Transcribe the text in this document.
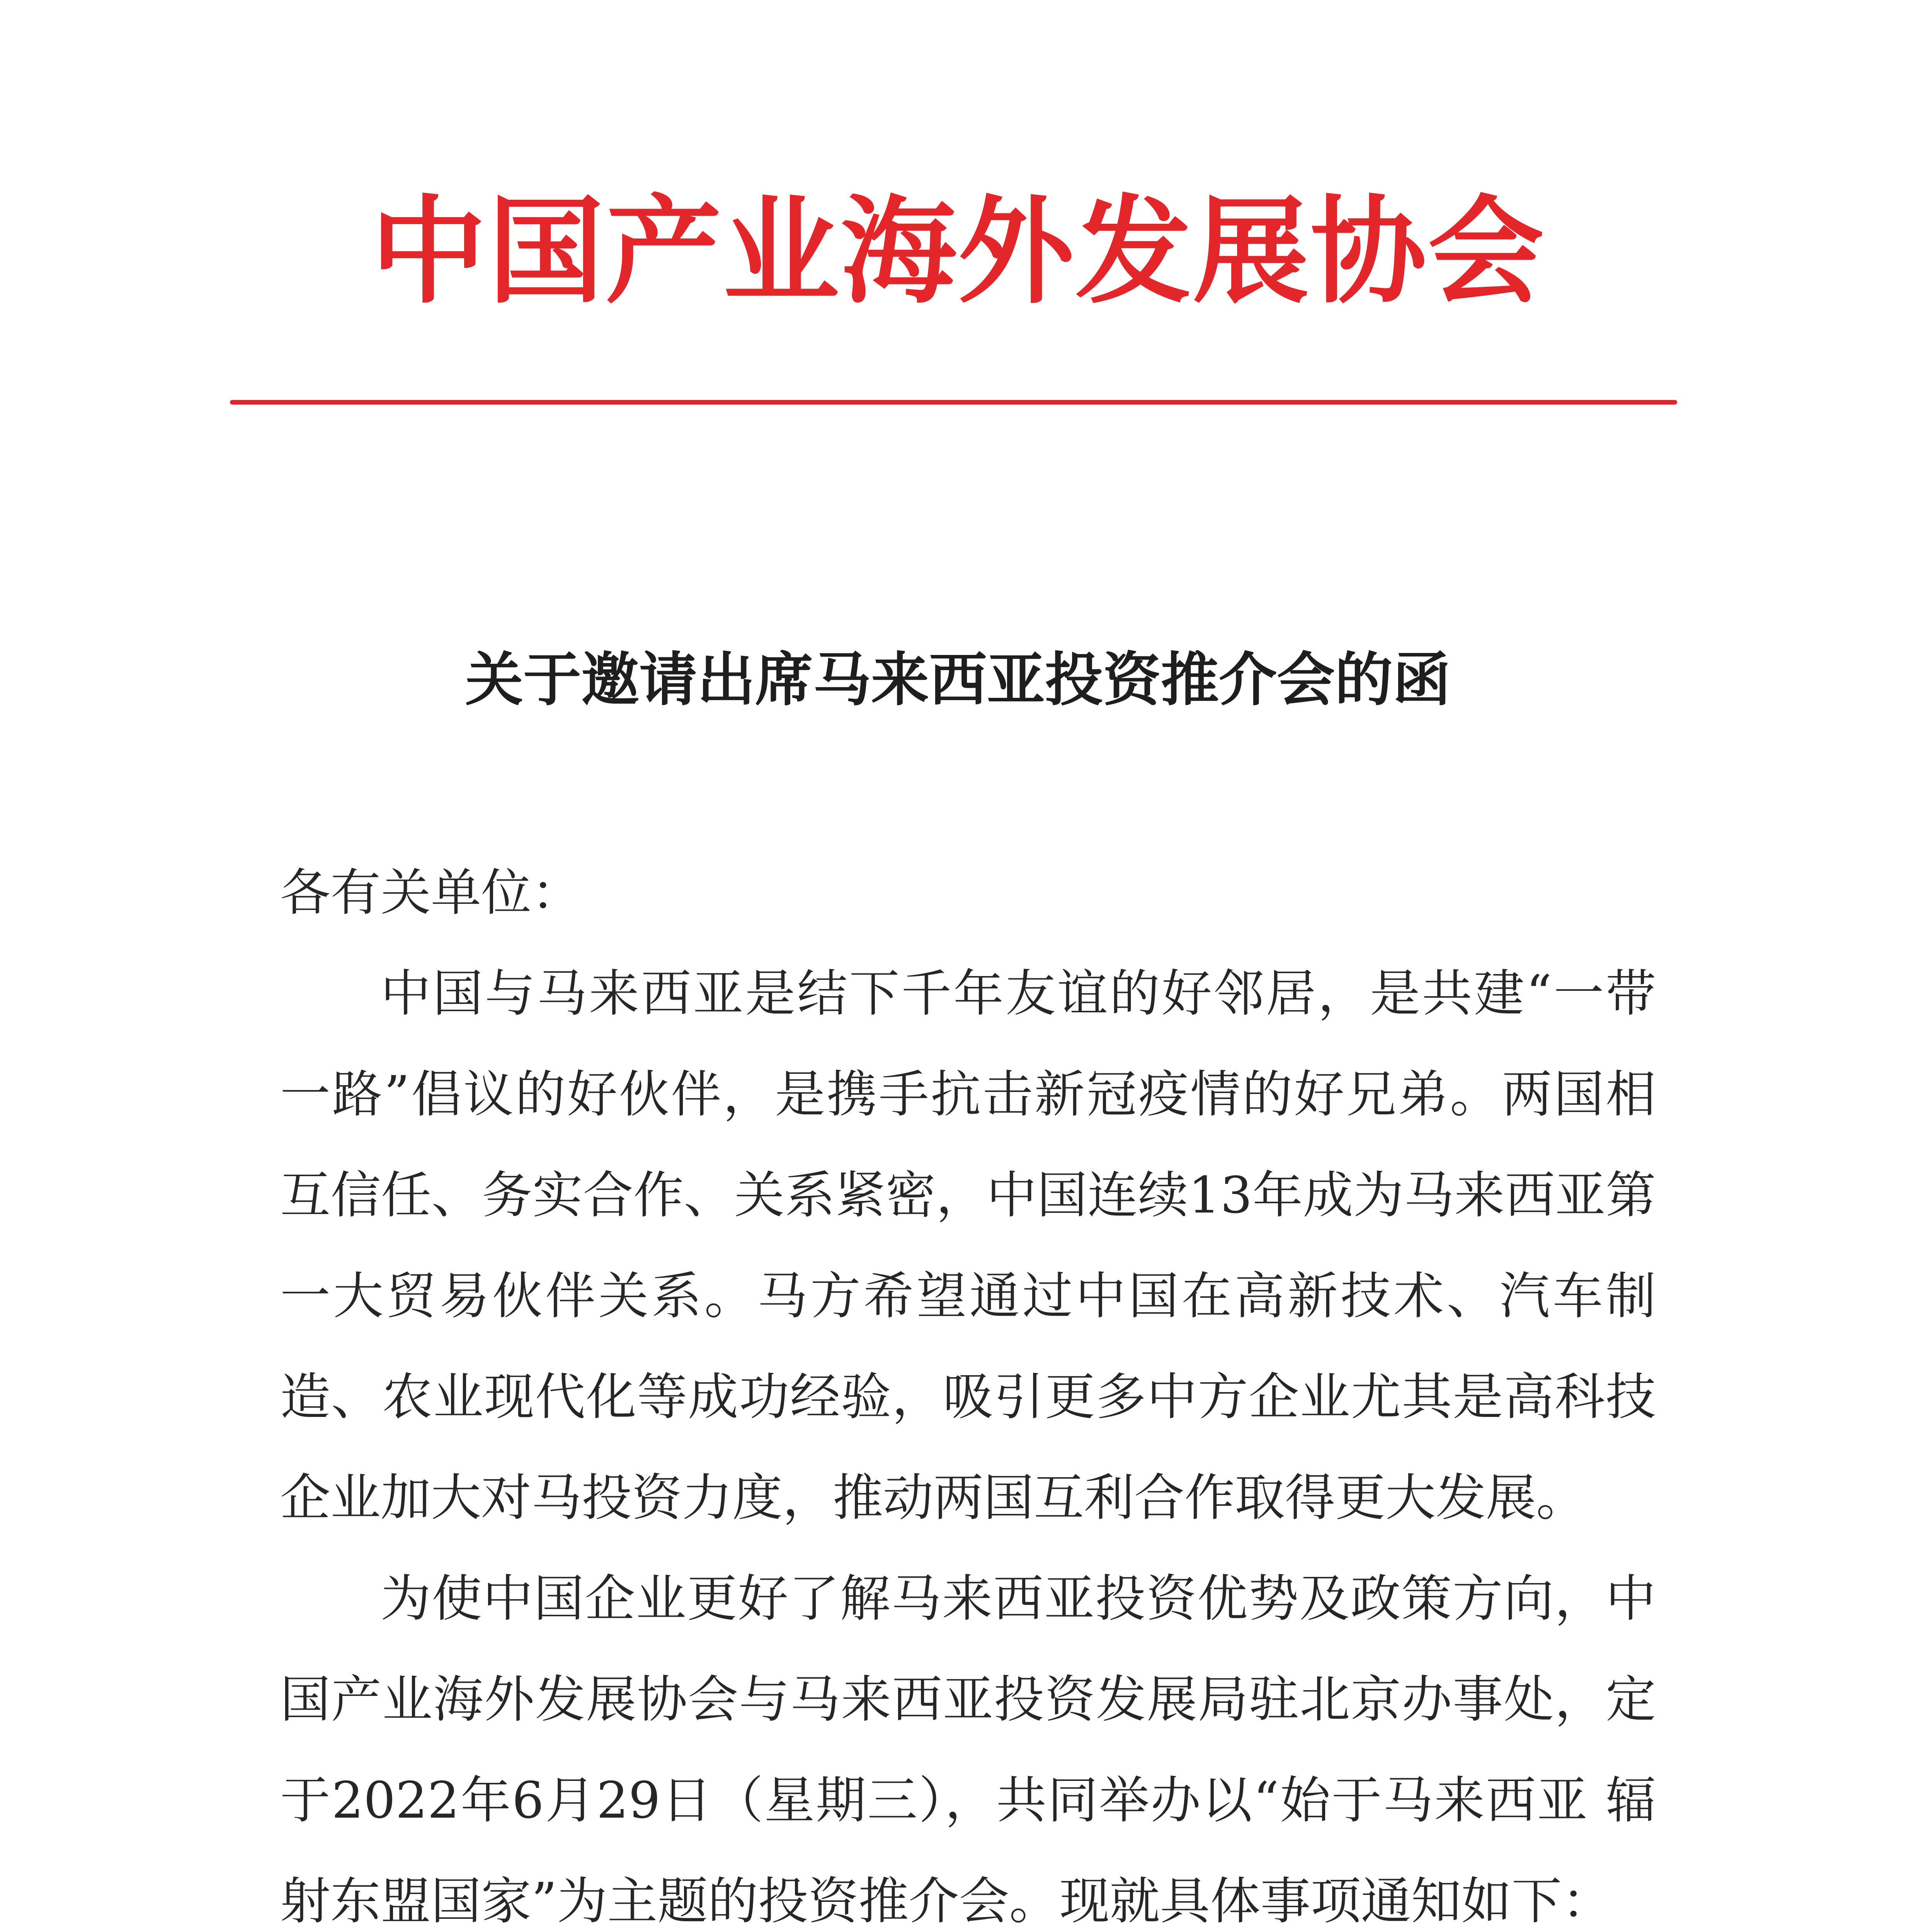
中国产业海外发展协会
关于邀请出席马来西亚投资推介会的函

各有关单位：

中国与马来西亚是结下千年友谊的好邻居，是共建“一带一路”倡议的好伙伴，是携手抗击新冠疫情的好兄弟。两国相互信任、务实合作、关系紧密，中国连续13年成为马来西亚第一大贸易伙伴关系。马方希望通过中国在高新技术、汽车制造、农业现代化等成功经验，吸引更多中方企业尤其是高科技企业加大对马投资力度，推动两国互利合作取得更大发展。

为使中国企业更好了解马来西亚投资优势及政策方向，中国产业海外发展协会与马来西亚投资发展局驻北京办事处，定于2022年6月29日（星期三），共同举办以“始于马来西亚 辐射东盟国家”为主题的投资推介会。现就具体事项通知如下：
